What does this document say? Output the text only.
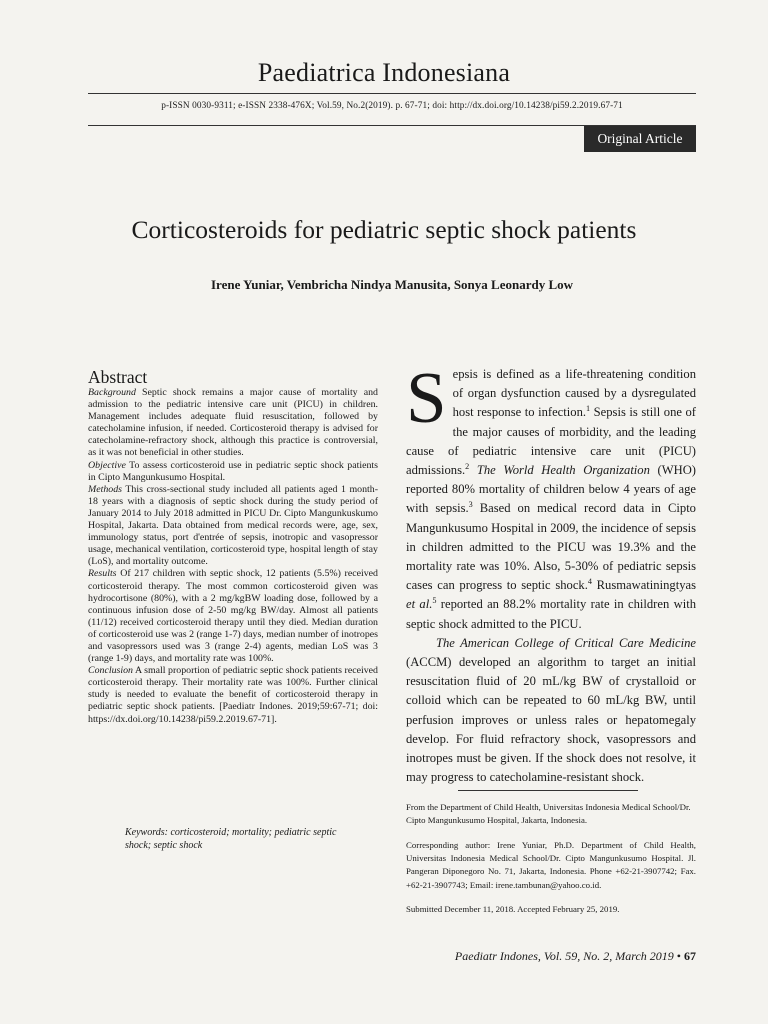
Paediatrica Indonesiana
p-ISSN 0030-9311; e-ISSN 2338-476X; Vol.59, No.2(2019). p. 67-71; doi: http://dx.doi.org/10.14238/pi59.2.2019.67-71
Original Article
Corticosteroids for pediatric septic shock patients
Irene Yuniar, Vembricha Nindya Manusita, Sonya Leonardy Low
Abstract

Background Septic shock remains a major cause of mortality and admission to the pediatric intensive care unit (PICU) in children. Management includes adequate fluid resuscitation, followed by catecholamine infusion, if needed. Corticosteroid therapy is advised for catecholamine-refractory shock, although this practice is controversial, as it was not beneficial in other studies.

Objective To assess corticosteroid use in pediatric septic shock patients in Cipto Mangunkusumo Hospital.

Methods This cross-sectional study included all patients aged 1 month-18 years with a diagnosis of septic shock during the study period of January 2014 to July 2018 admitted in PICU Dr. Cipto Mangunkuskumo Hospital, Jakarta. Data obtained from medical records were, age, sex, immunology status, port d'entrée of sepsis, inotropic and vasopressor usage, mechanical ventilation, corticosteroid type, hospital length of stay (LoS), and mortality outcome.

Results Of 217 children with septic shock, 12 patients (5.5%) received corticosteroid therapy. The most common corticosteroid given was hydrocortisone (80%), with a 2 mg/kgBW loading dose, followed by a continuous infusion dose of 2-50 mg/kg BW/day. Almost all patients (11/12) received corticosteroid therapy until they died. Median duration of corticosteroid use was 2 (range 1-7) days, median number of inotropes and vasopressors used was 3 (range 2-4) agents, median LoS was 3 (range 1-9) days, and mortality rate was 100%.

Conclusion A small proportion of pediatric septic shock patients received corticosteroid therapy. Their mortality rate was 100%. Further clinical study is needed to evaluate the benefit of corticosteroid therapy in pediatric septic shock patients. [Paediatr Indones. 2019;59:67-71; doi: https://dx.doi.org/10.14238/pi59.2.2019.67-71].

Keywords: corticosteroid; mortality; pediatric septic shock; septic shock

Sepsis is defined as a life-threatening condition of organ dysfunction caused by a dysregulated host response to infection.$^1$ Sepsis is still one of the major causes of morbidity, and the leading cause of pediatric intensive care unit (PICU) admissions.$^2$ The World Health Organization (WHO) reported 80% mortality of children below 4 years of age with sepsis.$^3$ Based on medical record data in Cipto Mangunkusumo Hospital in 2009, the incidence of sepsis in children admitted to the PICU was 19.3% and the mortality rate was 10%. Also, 5-30% of pediatric sepsis cases can progress to septic shock.$^4$ Rusmawatiningtyas et al.$^5$ reported an 88.2% mortality rate in children with septic shock admitted to the PICU.

The American College of Critical Care Medicine (ACCM) developed an algorithm to target an initial resuscitation fluid of 20 mL/kg BW of crystalloid or colloid which can be repeated to 60 mL/kg BW, until perfusion improves or unless rales or hepatomegaly develop. For fluid refractory shock, vasopressors and inotropes must be given. If the shock does not resolve, it may progress to catecholamine-resistant shock.

From the Department of Child Health, Universitas Indonesia Medical School/Dr. Cipto Mangunkusumo Hospital, Jakarta, Indonesia.
Corresponding author: Irene Yuniar, Ph.D. Department of Child Health, Universitas Indonesia Medical School/Dr. Cipto Mangunkusumo Hospital. Jl. Pangeran Diponegoro No. 71, Jakarta, Indonesia. Phone +62-21-3907742; Fax. +62-21-3907743; Email: irene.tambunan@yahoo.co.id.
Submitted December 11, 2018. Accepted February 25, 2019.
Paediatr Indones, Vol. 59, No. 2, March 2019 • 67
